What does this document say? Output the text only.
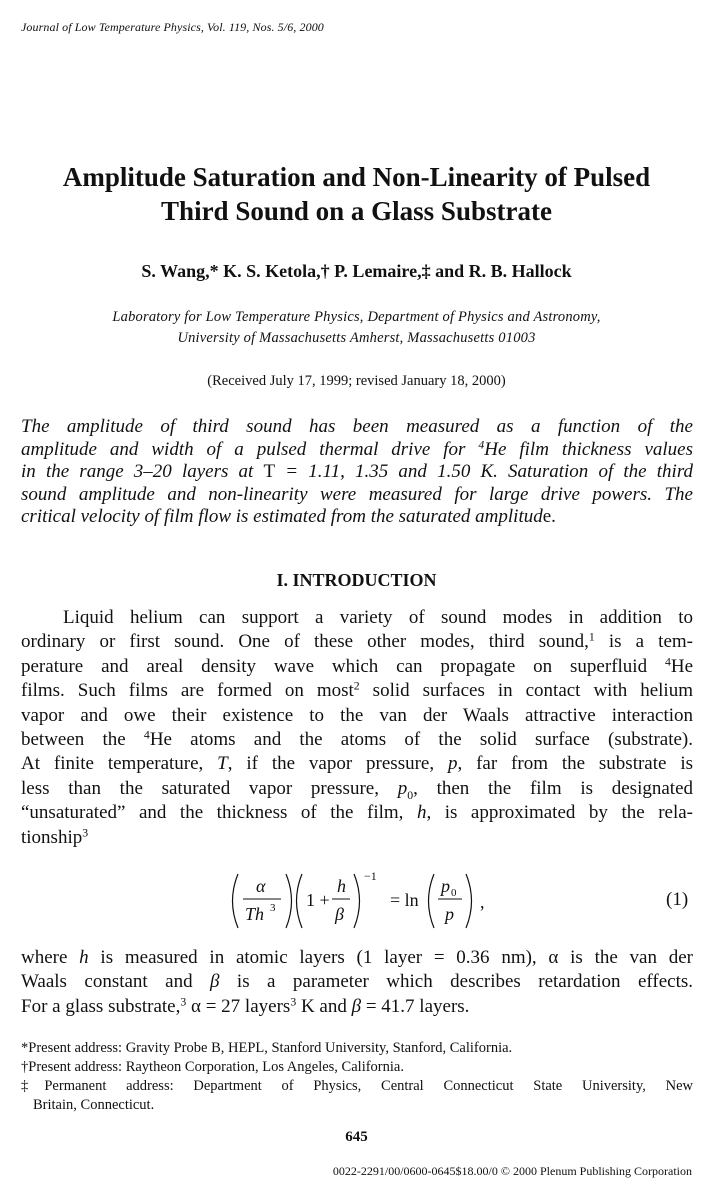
Journal of Low Temperature Physics, Vol. 119, Nos. 5/6, 2000
Amplitude Saturation and Non-Linearity of Pulsed
Third Sound on a Glass Substrate
S. Wang,* K. S. Ketola,† P. Lemaire,‡ and R. B. Hallock
Laboratory for Low Temperature Physics, Department of Physics and Astronomy,
University of Massachusetts Amherst, Massachusetts 01003
(Received July 17, 1999; revised January 18, 2000)
The amplitude of third sound has been measured as a function of the
amplitude and width of a pulsed thermal drive for $^4$He film thickness values
in the range 3–20 layers at T = 1.11, 1.35 and 1.50 K. Saturation of the third
sound amplitude and non-linearity were measured for large drive powers. The
critical velocity of film flow is estimated from the saturated amplitude.
I. INTRODUCTION
Liquid helium can support a variety of sound modes in addition to
ordinary or first sound. One of these other modes, third sound,$^1$ is a tem-
perature and areal density wave which can propagate on superfluid $^4$He
films. Such films are formed on most$^2$ solid surfaces in contact with helium
vapor and owe their existence to the van der Waals attractive interaction
between the $^4$He atoms and the atoms of the solid surface (substrate).
At finite temperature, T, if the vapor pressure, p, far from the substrate is
less than the saturated vapor pressure, $p_0$, then the film is designated
“unsaturated” and the thickness of the film, h, is approximated by the rela-
tionship$^3$
α
Th 3 1 +
h
β
−1
= ln
p 0
p
,	(1)
where h is measured in atomic layers (1 layer = 0.36 nm), α is the van der
Waals constant and β is a parameter which describes retardation effects.
For a glass substrate,$^3$ α = 27 layers$^3$ K and β = 41.7 layers.
*Present address: Gravity Probe B, HEPL, Stanford University, Stanford, California.
†Present address: Raytheon Corporation, Los Angeles, California.
‡Permanent address: Department of Physics, Central Connecticut State University, New
Britain, Connecticut.
645
0022-2291/00/0600-0645$18.00/0 © 2000 Plenum Publishing Corporation
